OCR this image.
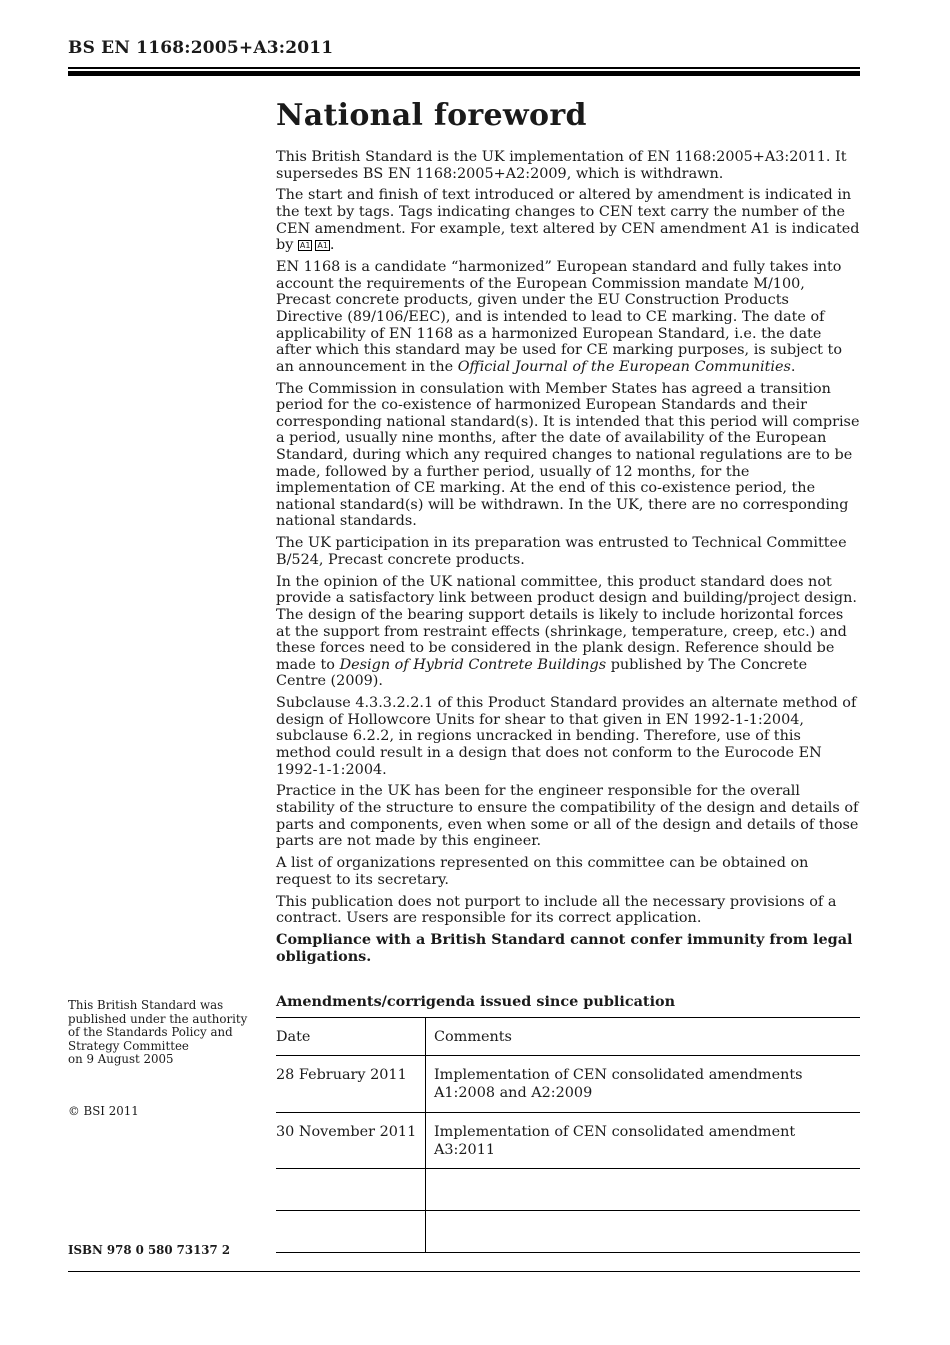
BS EN 1168:2005+A3:2011
National foreword

This British Standard is the UK implementation of EN 1168:2005+A3:2011. It supersedes BS EN 1168:2005+A2:2009, which is withdrawn.

The start and finish of text introduced or altered by amendment is indicated in the text by tags. Tags indicating changes to CEN text carry the number of the CEN amendment. For example, text altered by CEN amendment A1 is indicated by A1  A1 .

EN 1168 is a candidate “harmonized” European standard and fully takes into account the requirements of the European Commission mandate M/100, Precast concrete products, given under the EU Construction Products Directive (89/106/EEC), and is intended to lead to CE marking. The date of applicability of EN 1168 as a harmonized European Standard, i.e. the date after which this standard may be used for CE marking purposes, is subject to an announcement in the Official Journal of the European Communities.

The Commission in consulation with Member States has agreed a transition period for the co-existence of harmonized European Standards and their corresponding national standard(s). It is intended that this period will comprise a period, usually nine months, after the date of availability of the European Standard, during which any required changes to national regulations are to be made, followed by a further period, usually of 12 months, for the implementation of CE marking. At the end of this co-existence period, the national standard(s) will be withdrawn. In the UK, there are no corresponding national standards.

The UK participation in its preparation was entrusted to Technical Committee B/524, Precast concrete products.

In the opinion of the UK national committee, this product standard does not provide a satisfactory link between product design and building/project design. The design of the bearing support details is likely to include horizontal forces at the support from restraint effects (shrinkage, temperature, creep, etc.) and these forces need to be considered in the plank design. Reference should be made to Design of Hybrid Contrete Buildings published by The Concrete Centre (2009).

Subclause 4.3.3.2.2.1 of this Product Standard provides an alternate method of design of Hollowcore Units for shear to that given in EN 1992-1-1:2004, subclause 6.2.2, in regions uncracked in bending. Therefore, use of this method could result in a design that does not conform to the Eurocode EN 1992-1-1:2004.

Practice in the UK has been for the engineer responsible for the overall stability of the structure to ensure the compatibility of the design and details of parts and components, even when some or all of the design and details of those parts are not made by this engineer.

A list of organizations represented on this committee can be obtained on request to its secretary.

This publication does not purport to include all the necessary provisions of a contract. Users are responsible for its correct application.

Compliance with a British Standard cannot confer immunity from legal obligations.

Amendments/corrigenda issued since publication
Date	Comments

28 February 2011	Implementation of CEN consolidated amendments A1:2008 and A2:2009

30 November 2011	Implementation of CEN consolidated amendment A3:2011

This British Standard was
published under the authority
of the Standards Policy and
Strategy Committee
on 9 August 2005
© BSI 2011
ISBN 978 0 580 73137 2
